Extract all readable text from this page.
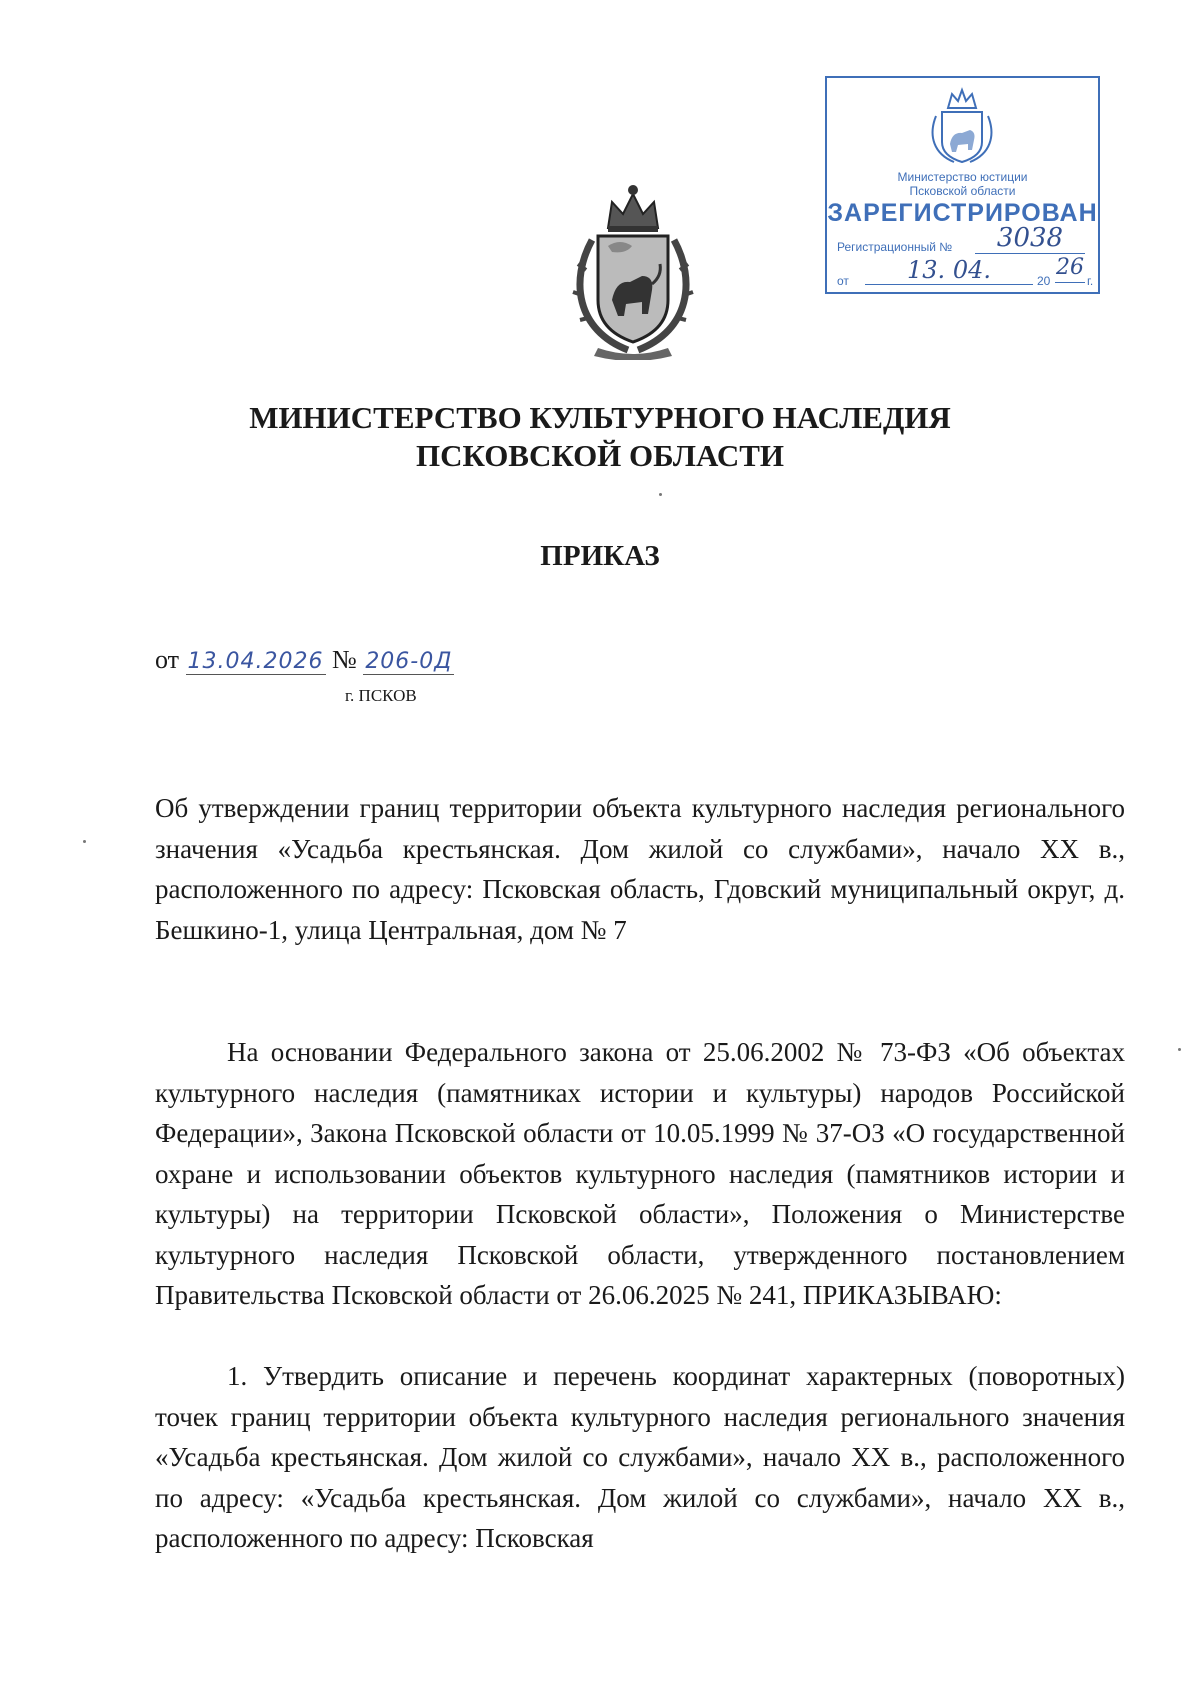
Министерство юстиции
Псковской области
ЗАРЕГИСТРИРОВАН
Регистрационный №	3038
от	13. 04.	20
26
г.
МИНИСТЕРСТВО КУЛЬТУРНОГО НАСЛЕДИЯ
ПСКОВСКОЙ ОБЛАСТИ
ПРИКАЗ
от 13.04.2026 № 206-0Д
г. ПСКОВ
Об утверждении границ территории объекта культурного наследия регионального значения «Усадьба крестьянская. Дом жилой со службами», начало XX в., расположенного по адресу: Псковская область, Гдовский муниципальный округ, д. Бешкино-1, улица Центральная, дом № 7
На основании Федерального закона от 25.06.2002 № 73-ФЗ «Об объектах культурного наследия (памятниках истории и культуры) народов Российской Федерации», Закона Псковской области от 10.05.1999 № 37-ОЗ «О государственной охране и использовании объектов культурного наследия (памятников истории и культуры) на территории Псковской области», Положения о Министерстве культурного наследия Псковской области, утвержденного постановлением Правительства Псковской области от 26.06.2025 № 241, ПРИКАЗЫВАЮ:
1. Утвердить описание и перечень координат характерных (поворотных) точек границ территории объекта культурного наследия регионального значения «Усадьба крестьянская. Дом жилой со службами», начало XX в., расположенного по адресу: «Усадьба крестьянская. Дом жилой со службами», начало XX в., расположенного по адресу: Псковская
